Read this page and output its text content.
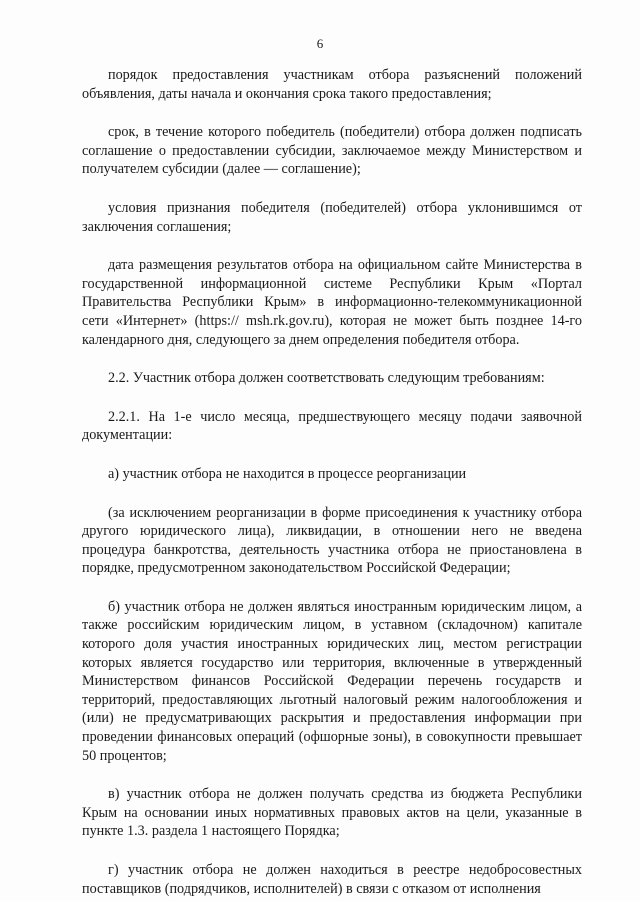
6

порядок предоставления участникам отбора разъяснений положений объявления, даты начала и окончания срока такого предоставления;

срок, в течение которого победитель (победители) отбора должен подписать соглашение о предоставлении субсидии, заключаемое между Министерством и получателем субсидии (далее — соглашение);

условия признания победителя (победителей) отбора уклонившимся от заключения соглашения;

дата размещения результатов отбора на официальном сайте Министерства в государственной информационной системе Республики Крым «Портал Правительства Республики Крым» в информационно-телекоммуникационной сети «Интернет» (https:// msh.rk.gov.ru), которая не может быть позднее 14-го календарного дня, следующего за днем определения победителя отбора.

2.2. Участник отбора должен соответствовать следующим требованиям:

2.2.1. На 1-е число месяца, предшествующего месяцу подачи заявочной документации:

а) участник отбора не находится в процессе реорганизации

(за исключением реорганизации в форме присоединения к участнику отбора другого юридического лица), ликвидации, в отношении него не введена процедура банкротства, деятельность участника отбора не приостановлена в порядке, предусмотренном законодательством Российской Федерации;

б) участник отбора не должен являться иностранным юридическим лицом, а также российским юридическим лицом, в уставном (складочном) капитале которого доля участия иностранных юридических лиц, местом регистрации которых является государство или территория, включенные в утвержденный Министерством финансов Российской Федерации перечень государств и территорий, предоставляющих льготный налоговый режим налогообложения и (или) не предусматривающих раскрытия и предоставления информации при проведении финансовых операций (офшорные зоны), в совокупности превышает 50 процентов;

в) участник отбора не должен получать средства из бюджета Республики Крым на основании иных нормативных правовых актов на цели, указанные в пункте 1.3. раздела 1 настоящего Порядка;

г) участник отбора не должен находиться в реестре недобросовестных поставщиков (подрядчиков, исполнителей) в связи с отказом от исполнения
